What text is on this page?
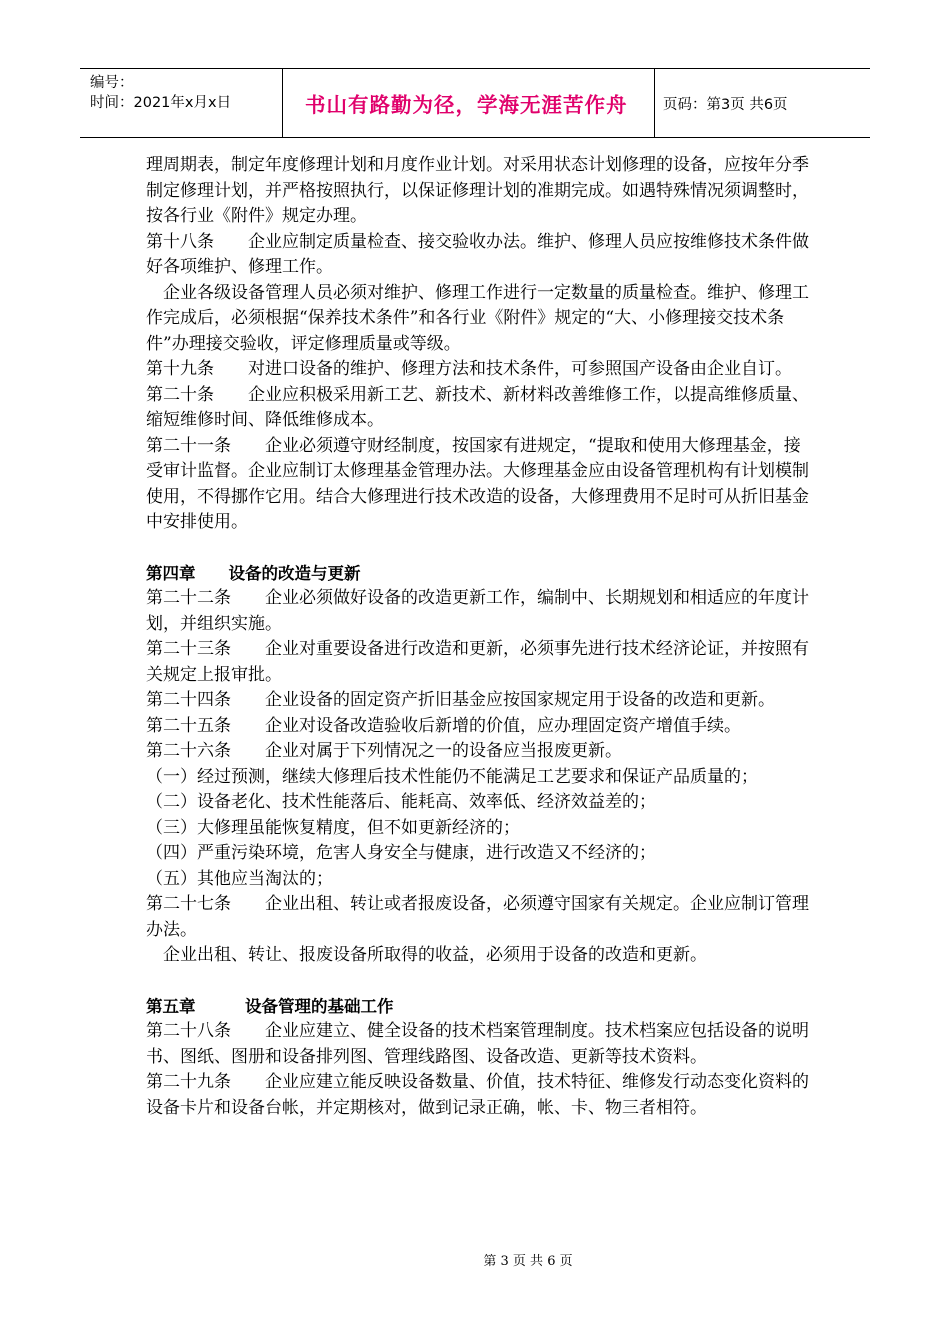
编号：
时间：2021年x月x日	书山有路勤为径，学海无涯苦作舟	页码：第3页 共6页

理周期表，制定年度修理计划和月度作业计划。对采用状态计划修理的设备，应按年分季制定修理计划，并严格按照执行，以保证修理计划的准期完成。如遇特殊情况须调整时，按各行业《附件》规定办理。

第十八条　　企业应制定质量检查、接交验收办法。维护、修理人员应按维修技术条件做好各项维护、修理工作。

　企业各级设备管理人员必须对维护、修理工作进行一定数量的质量检查。维护、修理工作完成后，必须根据“保养技术条件”和各行业《附件》规定的“大、小修理接交技术条件”办理接交验收，评定修理质量或等级。

第十九条　　对进口设备的维护、修理方法和技术条件，可参照国产设备由企业自订。

第二十条　　企业应积极采用新工艺、新技术、新材料改善维修工作，以提高维修质量、缩短维修时间、降低维修成本。

第二十一条　　企业必须遵守财经制度，按国家有进规定，“提取和使用大修理基金，接受审计监督。企业应制订太修理基金管理办法。大修理基金应由设备管理机构有计划模制使用，不得挪作它用。结合大修理进行技术改造的设备，大修理费用不足时可从折旧基金中安排使用。

第四章　　设备的改造与更新

第二十二条　　企业必须做好设备的改造更新工作，编制中、长期规划和相适应的年度计划，并组织实施。

第二十三条　　企业对重要设备进行改造和更新，必须事先进行技术经济论证，并按照有关规定上报审批。

第二十四条　　企业设备的固定资产折旧基金应按国家规定用于设备的改造和更新。

第二十五条　　企业对设备改造验收后新增的价值，应办理固定资产增值手续。

第二十六条　　企业对属于下列情况之一的设备应当报废更新。

（一）经过预测，继续大修理后技术性能仍不能满足工艺要求和保证产品质量的；

（二）设备老化、技术性能落后、能耗高、效率低、经济效益差的；

（三）大修理虽能恢复精度，但不如更新经济的；

（四）严重污染环境，危害人身安全与健康，进行改造又不经济的；

（五）其他应当淘汰的；

第二十七条　　企业出租、转让或者报废设备，必须遵守国家有关规定。企业应制订管理办法。

　企业出租、转让、报废设备所取得的收益，必须用于设备的改造和更新。

第五章　　　设备管理的基础工作

第二十八条　　企业应建立、健全设备的技术档案管理制度。技术档案应包括设备的说明书、图纸、图册和设备排列图、管理线路图、设备改造、更新等技术资料。

第二十九条　　企业应建立能反映设备数量、价值，技术特征、维修发行动态变化资料的设备卡片和设备台帐，并定期核对，做到记录正确，帐、卡、物三者相符。

第 3 页 共 6 页
